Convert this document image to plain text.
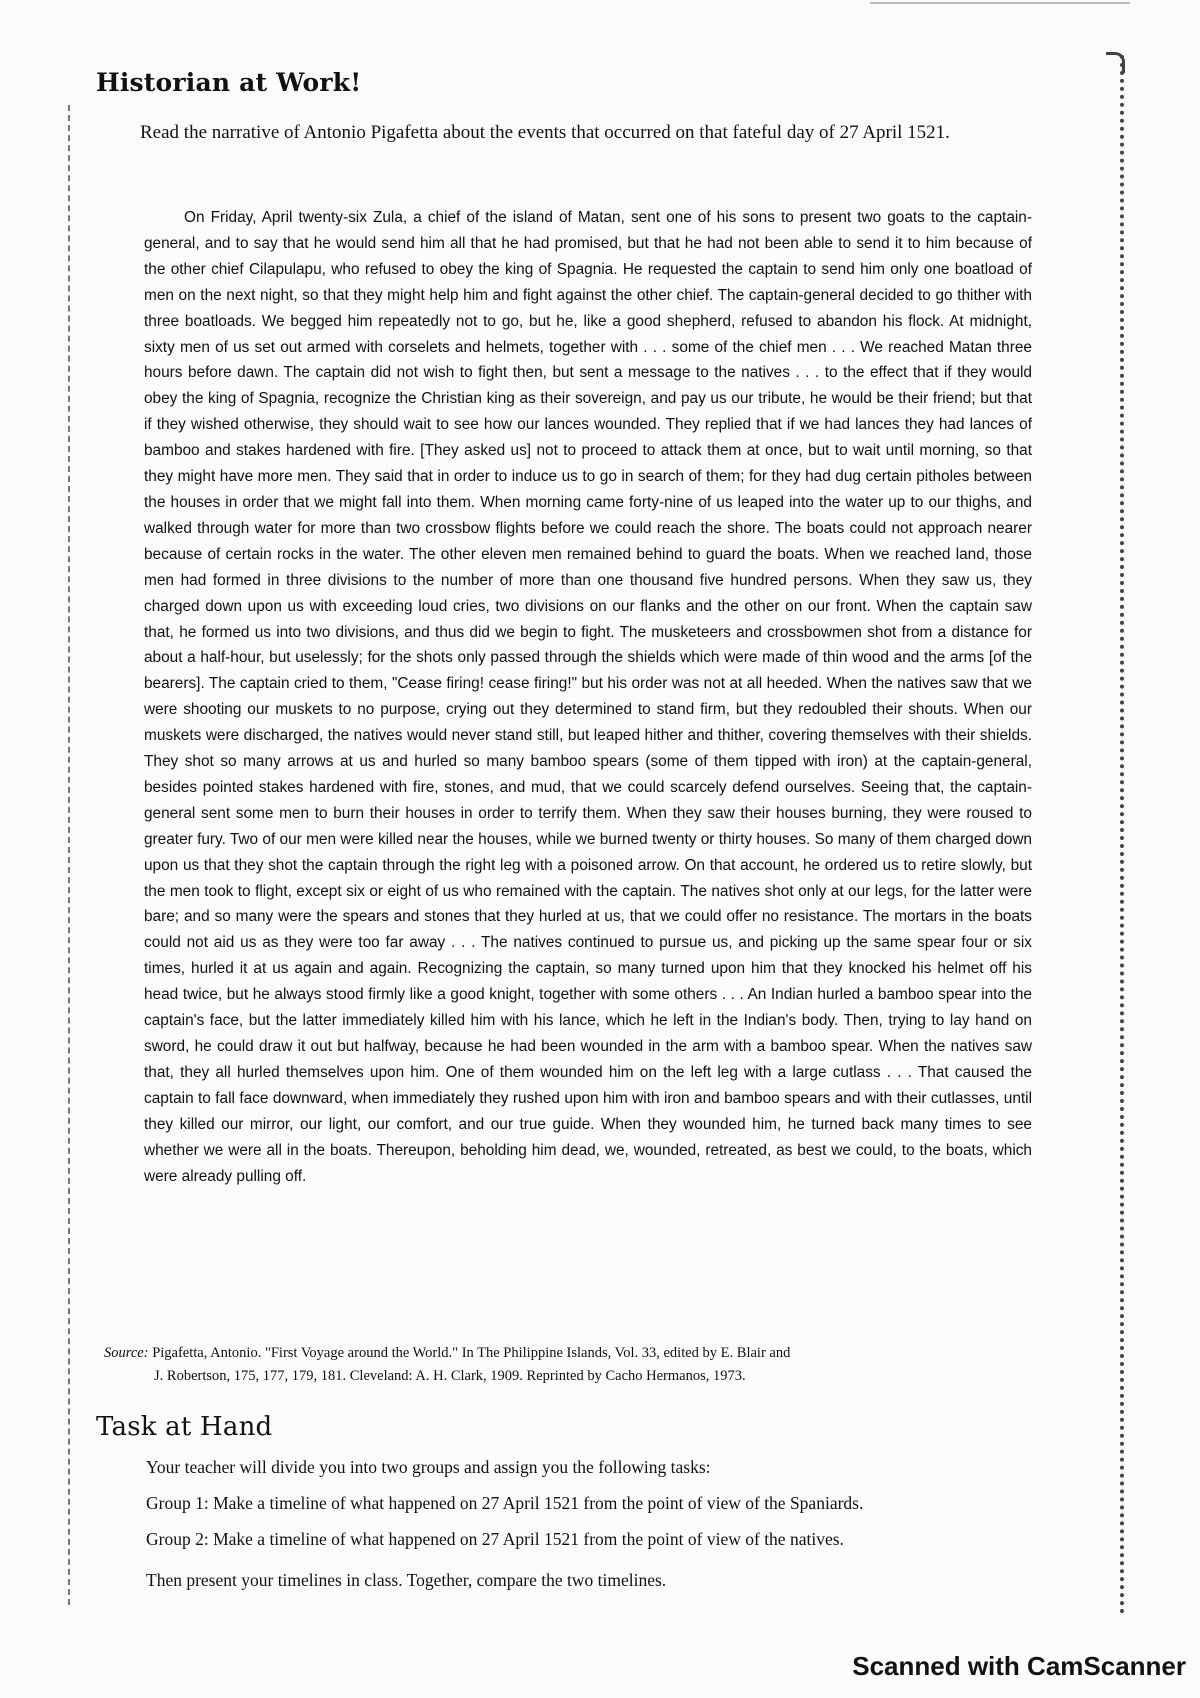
Historian at Work!

Read the narrative of Antonio Pigafetta about the events that occurred on that fateful day of 27 April 1521.

On Friday, April twenty-six Zula, a chief of the island of Matan, sent one of his sons to present two goats to the captain-general, and to say that he would send him all that he had promised, but that he had not been able to send it to him because of the other chief Cilapulapu, who refused to obey the king of Spagnia. He requested the captain to send him only one boatload of men on the next night, so that they might help him and fight against the other chief. The captain-general decided to go thither with three boatloads. We begged him repeatedly not to go, but he, like a good shepherd, refused to abandon his flock. At midnight, sixty men of us set out armed with corselets and helmets, together with . . . some of the chief men . . . We reached Matan three hours before dawn. The captain did not wish to fight then, but sent a message to the natives . . . to the effect that if they would obey the king of Spagnia, recognize the Christian king as their sovereign, and pay us our tribute, he would be their friend; but that if they wished otherwise, they should wait to see how our lances wounded. They replied that if we had lances they had lances of bamboo and stakes hardened with fire. [They asked us] not to proceed to attack them at once, but to wait until morning, so that they might have more men. They said that in order to induce us to go in search of them; for they had dug certain pitholes between the houses in order that we might fall into them. When morning came forty-nine of us leaped into the water up to our thighs, and walked through water for more than two crossbow flights before we could reach the shore. The boats could not approach nearer because of certain rocks in the water. The other eleven men remained behind to guard the boats. When we reached land, those men had formed in three divisions to the number of more than one thousand five hundred persons. When they saw us, they charged down upon us with exceeding loud cries, two divisions on our flanks and the other on our front. When the captain saw that, he formed us into two divisions, and thus did we begin to fight. The musketeers and crossbowmen shot from a distance for about a half-hour, but uselessly; for the shots only passed through the shields which were made of thin wood and the arms [of the bearers]. The captain cried to them, "Cease firing! cease firing!" but his order was not at all heeded. When the natives saw that we were shooting our muskets to no purpose, crying out they determined to stand firm, but they redoubled their shouts. When our muskets were discharged, the natives would never stand still, but leaped hither and thither, covering themselves with their shields. They shot so many arrows at us and hurled so many bamboo spears (some of them tipped with iron) at the captain-general, besides pointed stakes hardened with fire, stones, and mud, that we could scarcely defend ourselves. Seeing that, the captain-general sent some men to burn their houses in order to terrify them. When they saw their houses burning, they were roused to greater fury. Two of our men were killed near the houses, while we burned twenty or thirty houses. So many of them charged down upon us that they shot the captain through the right leg with a poisoned arrow. On that account, he ordered us to retire slowly, but the men took to flight, except six or eight of us who remained with the captain. The natives shot only at our legs, for the latter were bare; and so many were the spears and stones that they hurled at us, that we could offer no resistance. The mortars in the boats could not aid us as they were too far away . . . The natives continued to pursue us, and picking up the same spear four or six times, hurled it at us again and again. Recognizing the captain, so many turned upon him that they knocked his helmet off his head twice, but he always stood firmly like a good knight, together with some others . . . An Indian hurled a bamboo spear into the captain's face, but the latter immediately killed him with his lance, which he left in the Indian's body. Then, trying to lay hand on sword, he could draw it out but halfway, because he had been wounded in the arm with a bamboo spear. When the natives saw that, they all hurled themselves upon him. One of them wounded him on the left leg with a large cutlass . . . That caused the captain to fall face downward, when immediately they rushed upon him with iron and bamboo spears and with their cutlasses, until they killed our mirror, our light, our comfort, and our true guide. When they wounded him, he turned back many times to see whether we were all in the boats. Thereupon, beholding him dead, we, wounded, retreated, as best we could, to the boats, which were already pulling off.

Source: Pigafetta, Antonio. "First Voyage around the World." In The Philippine Islands, Vol. 33, edited by E. Blair and
J. Robertson, 175, 177, 179, 181. Cleveland: A. H. Clark, 1909. Reprinted by Cacho Hermanos, 1973.

Task at Hand

Your teacher will divide you into two groups and assign you the following tasks:

Group 1: Make a timeline of what happened on 27 April 1521 from the point of view of the Spaniards.

Group 2: Make a timeline of what happened on 27 April 1521 from the point of view of the natives.

Then present your timelines in class. Together, compare the two timelines.

Scanned with CamScanner
